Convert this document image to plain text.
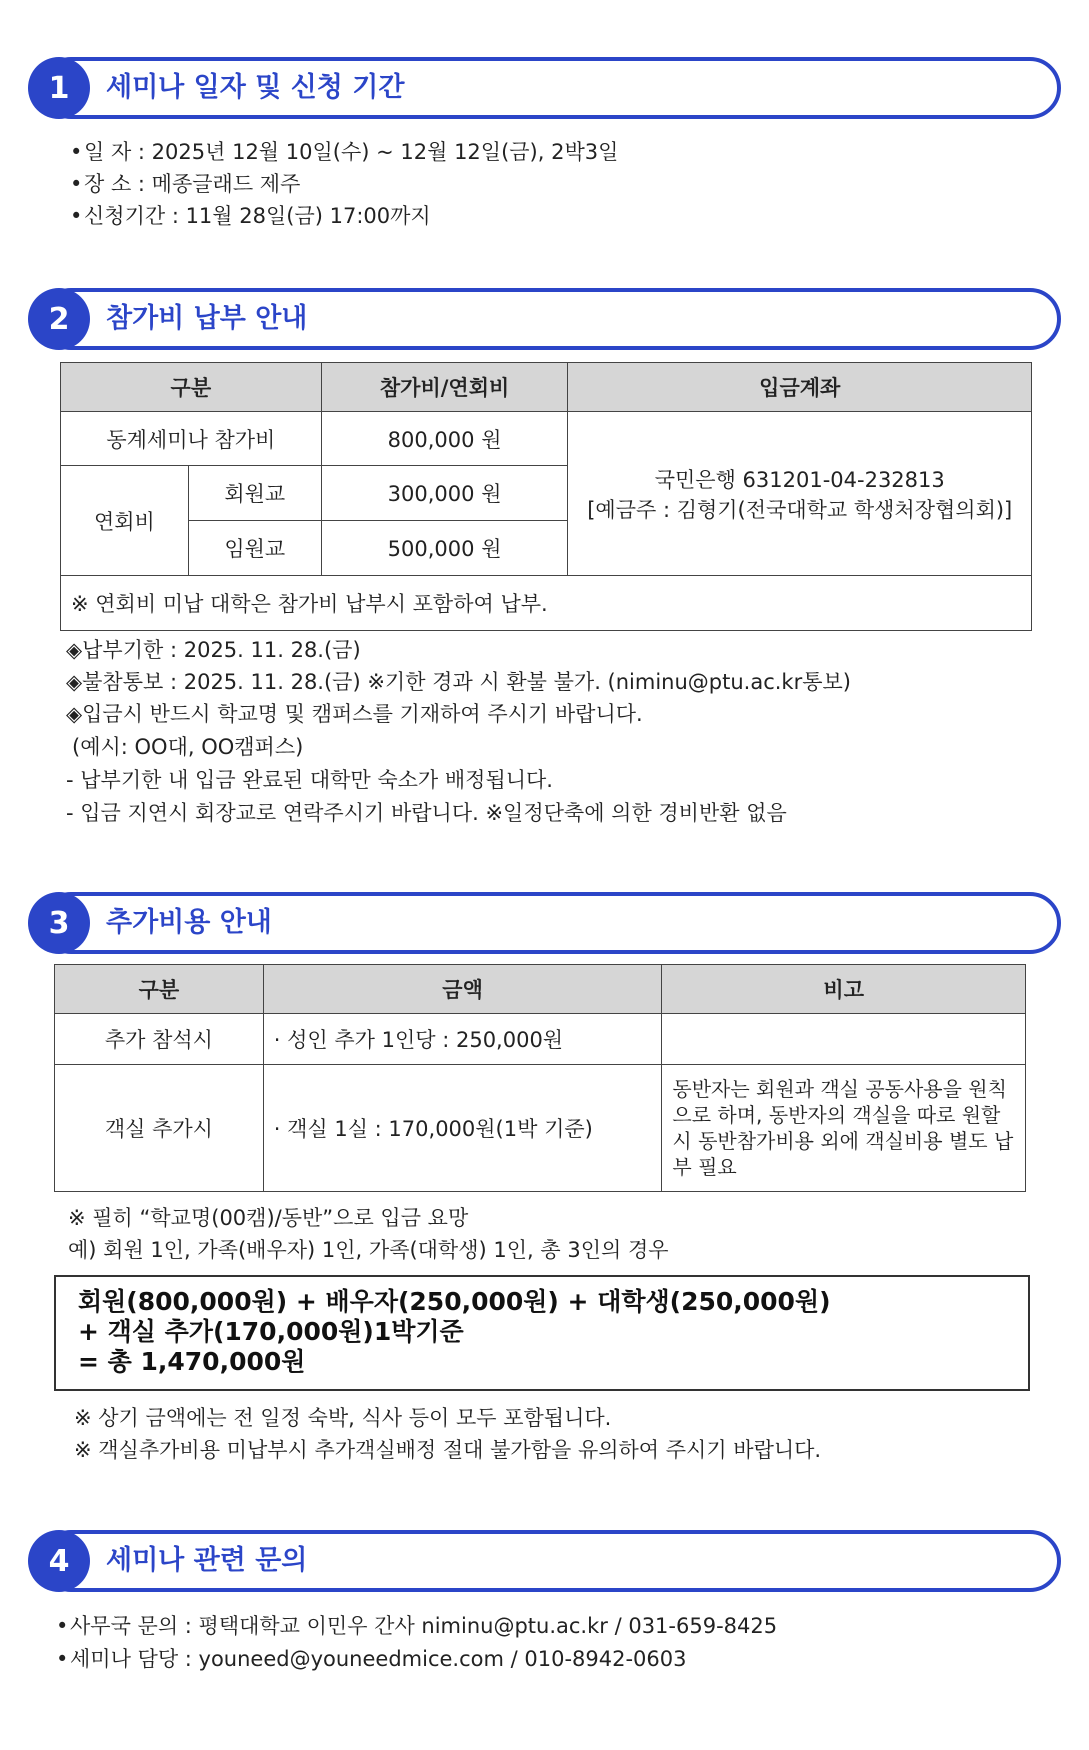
1	세미나 일자 및 신청 기간
•일 자 : 2025년 12월 10일(수) ~ 12월 12일(금), 2박3일
•장 소 : 메종글래드 제주
•신청기간 : 11월 28일(금) 17:00까지
2	참가비 납부 안내
구분		참가비/연회비	입금계좌
동계세미나 참가비		800,000 원	국민은행 631201-04-232813
[예금주 : 김형기(전국대학교 학생처장협의회)]

연회비	회원교	300,000 원	
	임원교	500,000 원	
※ 연회비 미납 대학은 참가비 납부시 포함하여 납부.			
◈납부기한 : 2025. 11. 28.(금)
◈불참통보 : 2025. 11. 28.(금) ※기한 경과 시 환불 불가. (niminu@ptu.ac.kr통보)
◈입금시 반드시 학교명 및 캠퍼스를 기재하여 주시기 바랍니다.
(예시: OO대, OO캠퍼스)
- 납부기한 내 입금 완료된 대학만 숙소가 배정됩니다.
- 입금 지연시 회장교로 연락주시기 바랍니다. ※일정단축에 의한 경비반환 없음
3	추가비용 안내
구분	금액	비고
추가 참석시	· 성인 추가 1인당 : 250,000원	
객실 추가시	· 객실 1실 : 170,000원(1박 기준)	동반자는 회원과 객실 공동사용을 원칙으로 하며, 동반자의 객실을 따로 원할시 동반참가비용 외에 객실비용 별도 납부 필요
※ 필히 “학교명(00캠)/동반”으로 입금 요망
예) 회원 1인, 가족(배우자) 1인, 가족(대학생) 1인, 총 3인의 경우
회원(800,000원) + 배우자(250,000원) + 대학생(250,000원)
+ 객실 추가(170,000원)1박기준
= 총 1,470,000원
※ 상기 금액에는 전 일정 숙박, 식사 등이 모두 포함됩니다.
※ 객실추가비용 미납부시 추가객실배정 절대 불가함을 유의하여 주시기 바랍니다.
4	세미나 관련 문의
•사무국 문의 : 평택대학교 이민우 간사 niminu@ptu.ac.kr / 031-659-8425
•세미나 담당 : youneed@youneedmice.com / 010-8942-0603
